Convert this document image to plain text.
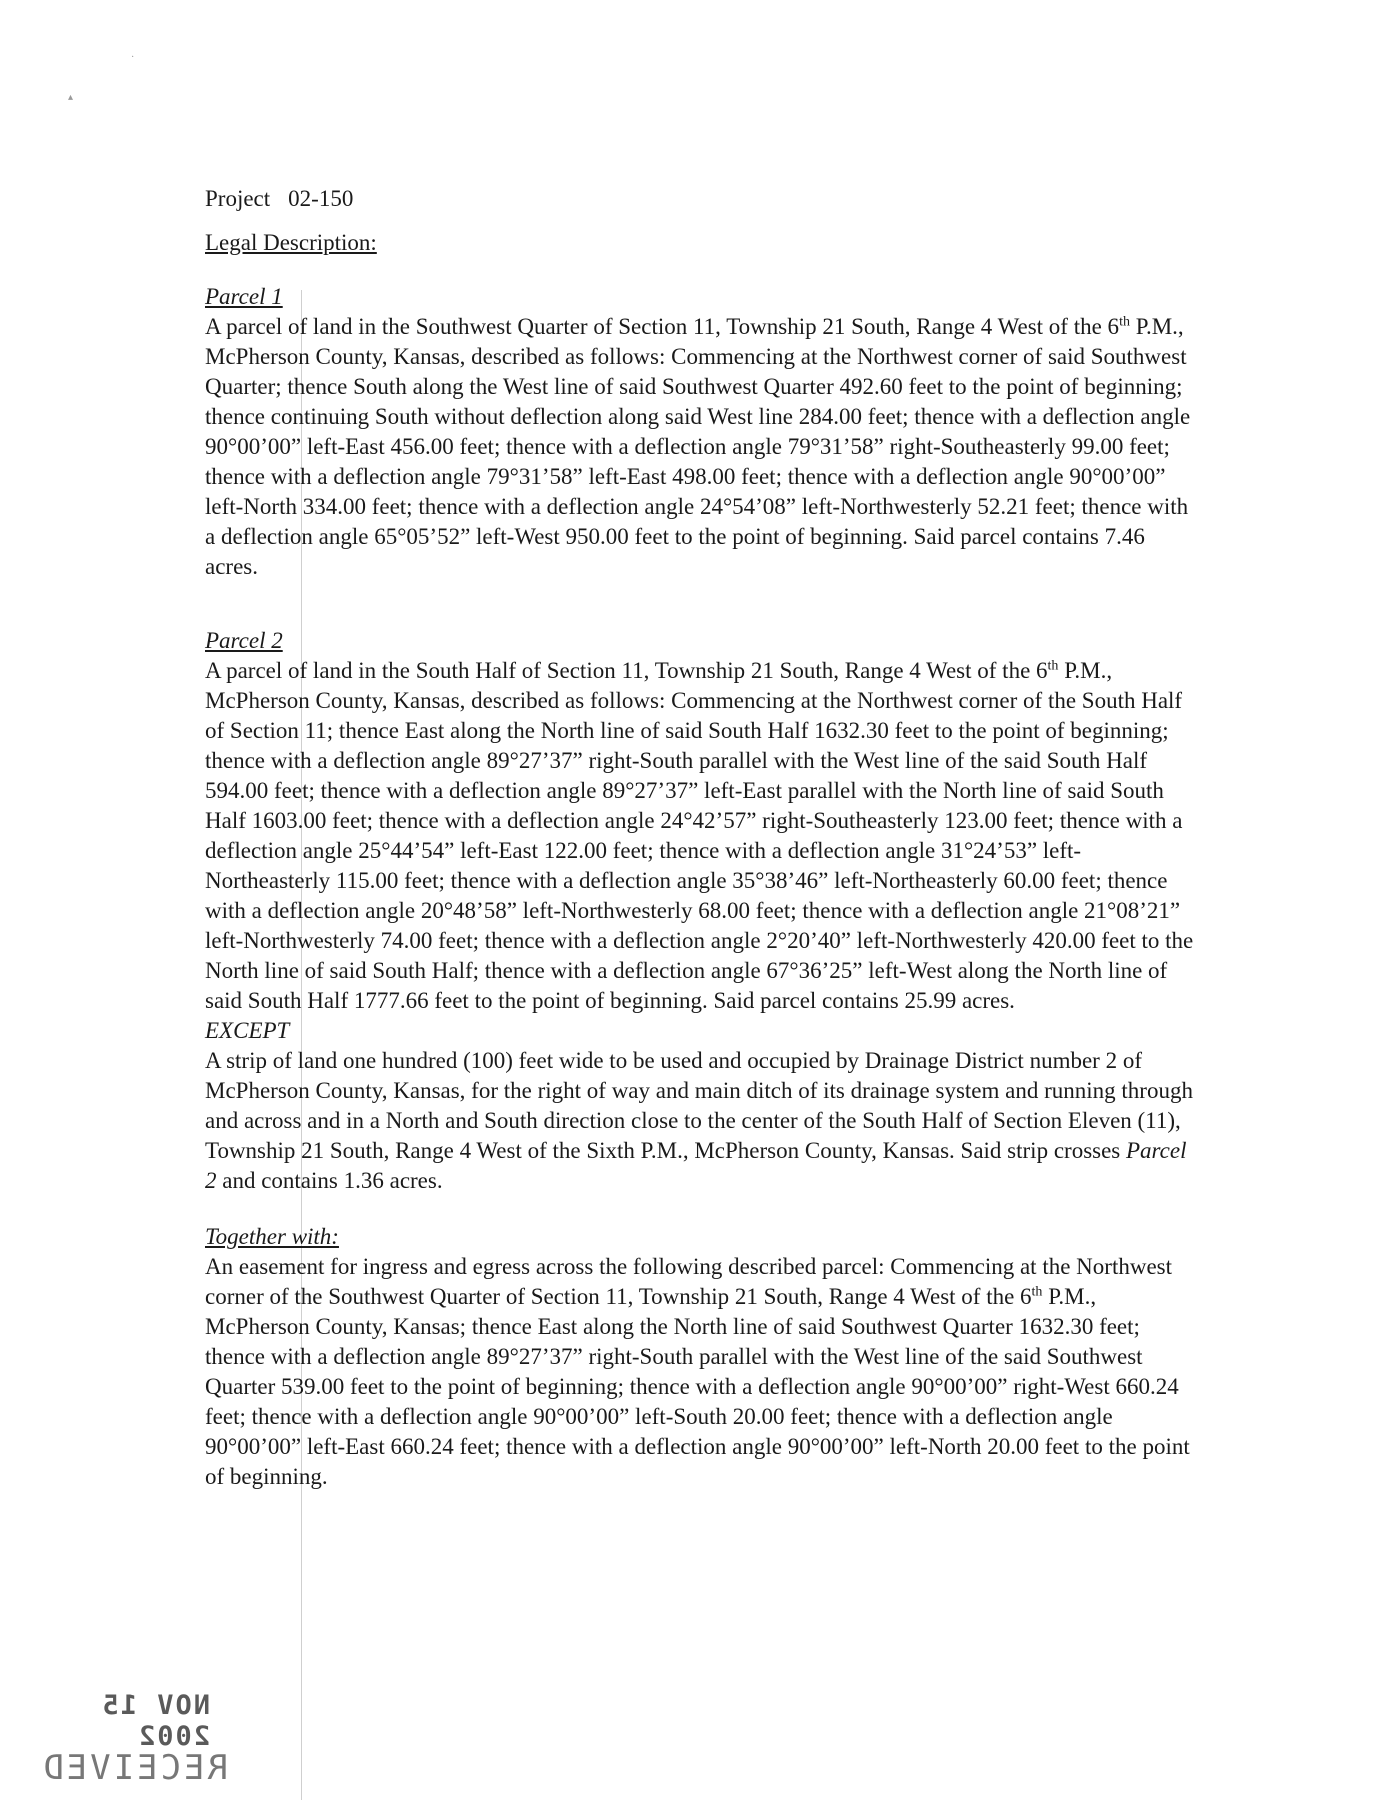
·
▴
Project 02-150
Legal Description:
Parcel 1

A parcel of land in the Southwest Quarter of Section 11, Township 21 South, Range 4 West of the 6th P.M., McPherson County, Kansas, described as follows: Commencing at the Northwest corner of said Southwest Quarter; thence South along the West line of said Southwest Quarter 492.60 feet to the point of beginning; thence continuing South without deflection along said West line 284.00 feet; thence with a deflection angle 90°00’00” left-East 456.00 feet; thence with a deflection angle 79°31’58” right-Southeasterly 99.00 feet; thence with a deflection angle 79°31’58” left-East 498.00 feet; thence with a deflection angle 90°00’00” left-North 334.00 feet; thence with a deflection angle 24°54’08” left-Northwesterly 52.21 feet; thence with a deflection angle 65°05’52” left-West 950.00 feet to the point of beginning. Said parcel contains 7.46 acres.

Parcel 2

A parcel of land in the South Half of Section 11, Township 21 South, Range 4 West of the 6th P.M., McPherson County, Kansas, described as follows: Commencing at the Northwest corner of the South Half of Section 11; thence East along the North line of said South Half 1632.30 feet to the point of beginning; thence with a deflection angle 89°27’37” right-South parallel with the West line of the said South Half 594.00 feet; thence with a deflection angle 89°27’37” left-East parallel with the North line of said South Half 1603.00 feet; thence with a deflection angle 24°42’57” right-Southeasterly 123.00 feet; thence with a deflection angle 25°44’54” left-East 122.00 feet; thence with a deflection angle 31°24’53” left-Northeasterly 115.00 feet; thence with a deflection angle 35°38’46” left-Northeasterly 60.00 feet; thence with a deflection angle 20°48’58” left-Northwesterly 68.00 feet; thence with a deflection angle 21°08’21” left-Northwesterly 74.00 feet; thence with a deflection angle 2°20’40” left-Northwesterly 420.00 feet to the North line of said South Half; thence with a deflection angle 67°36’25” left-West along the North line of said South Half 1777.66 feet to the point of beginning. Said parcel contains 25.99 acres.

EXCEPT

A strip of land one hundred (100) feet wide to be used and occupied by Drainage District number 2 of McPherson County, Kansas, for the right of way and main ditch of its drainage system and running through and across and in a North and South direction close to the center of the South Half of Section Eleven (11), Township 21 South, Range 4 West of the Sixth P.M., McPherson County, Kansas. Said strip crosses Parcel 2 and contains 1.36 acres.

Together with:

An easement for ingress and egress across the following described parcel: Commencing at the Northwest corner of the Southwest Quarter of Section 11, Township 21 South, Range 4 West of the 6th P.M., McPherson County, Kansas; thence East along the North line of said Southwest Quarter 1632.30 feet; thence with a deflection angle 89°27’37” right-South parallel with the West line of the said Southwest Quarter 539.00 feet to the point of beginning; thence with a deflection angle 90°00’00” right-West 660.24 feet; thence with a deflection angle 90°00’00” left-South 20.00 feet; thence with a deflection angle 90°00’00” left-East 660.24 feet; thence with a deflection angle 90°00’00” left-North 20.00 feet to the point of beginning.

NOV 15 2002
RECEIVED
